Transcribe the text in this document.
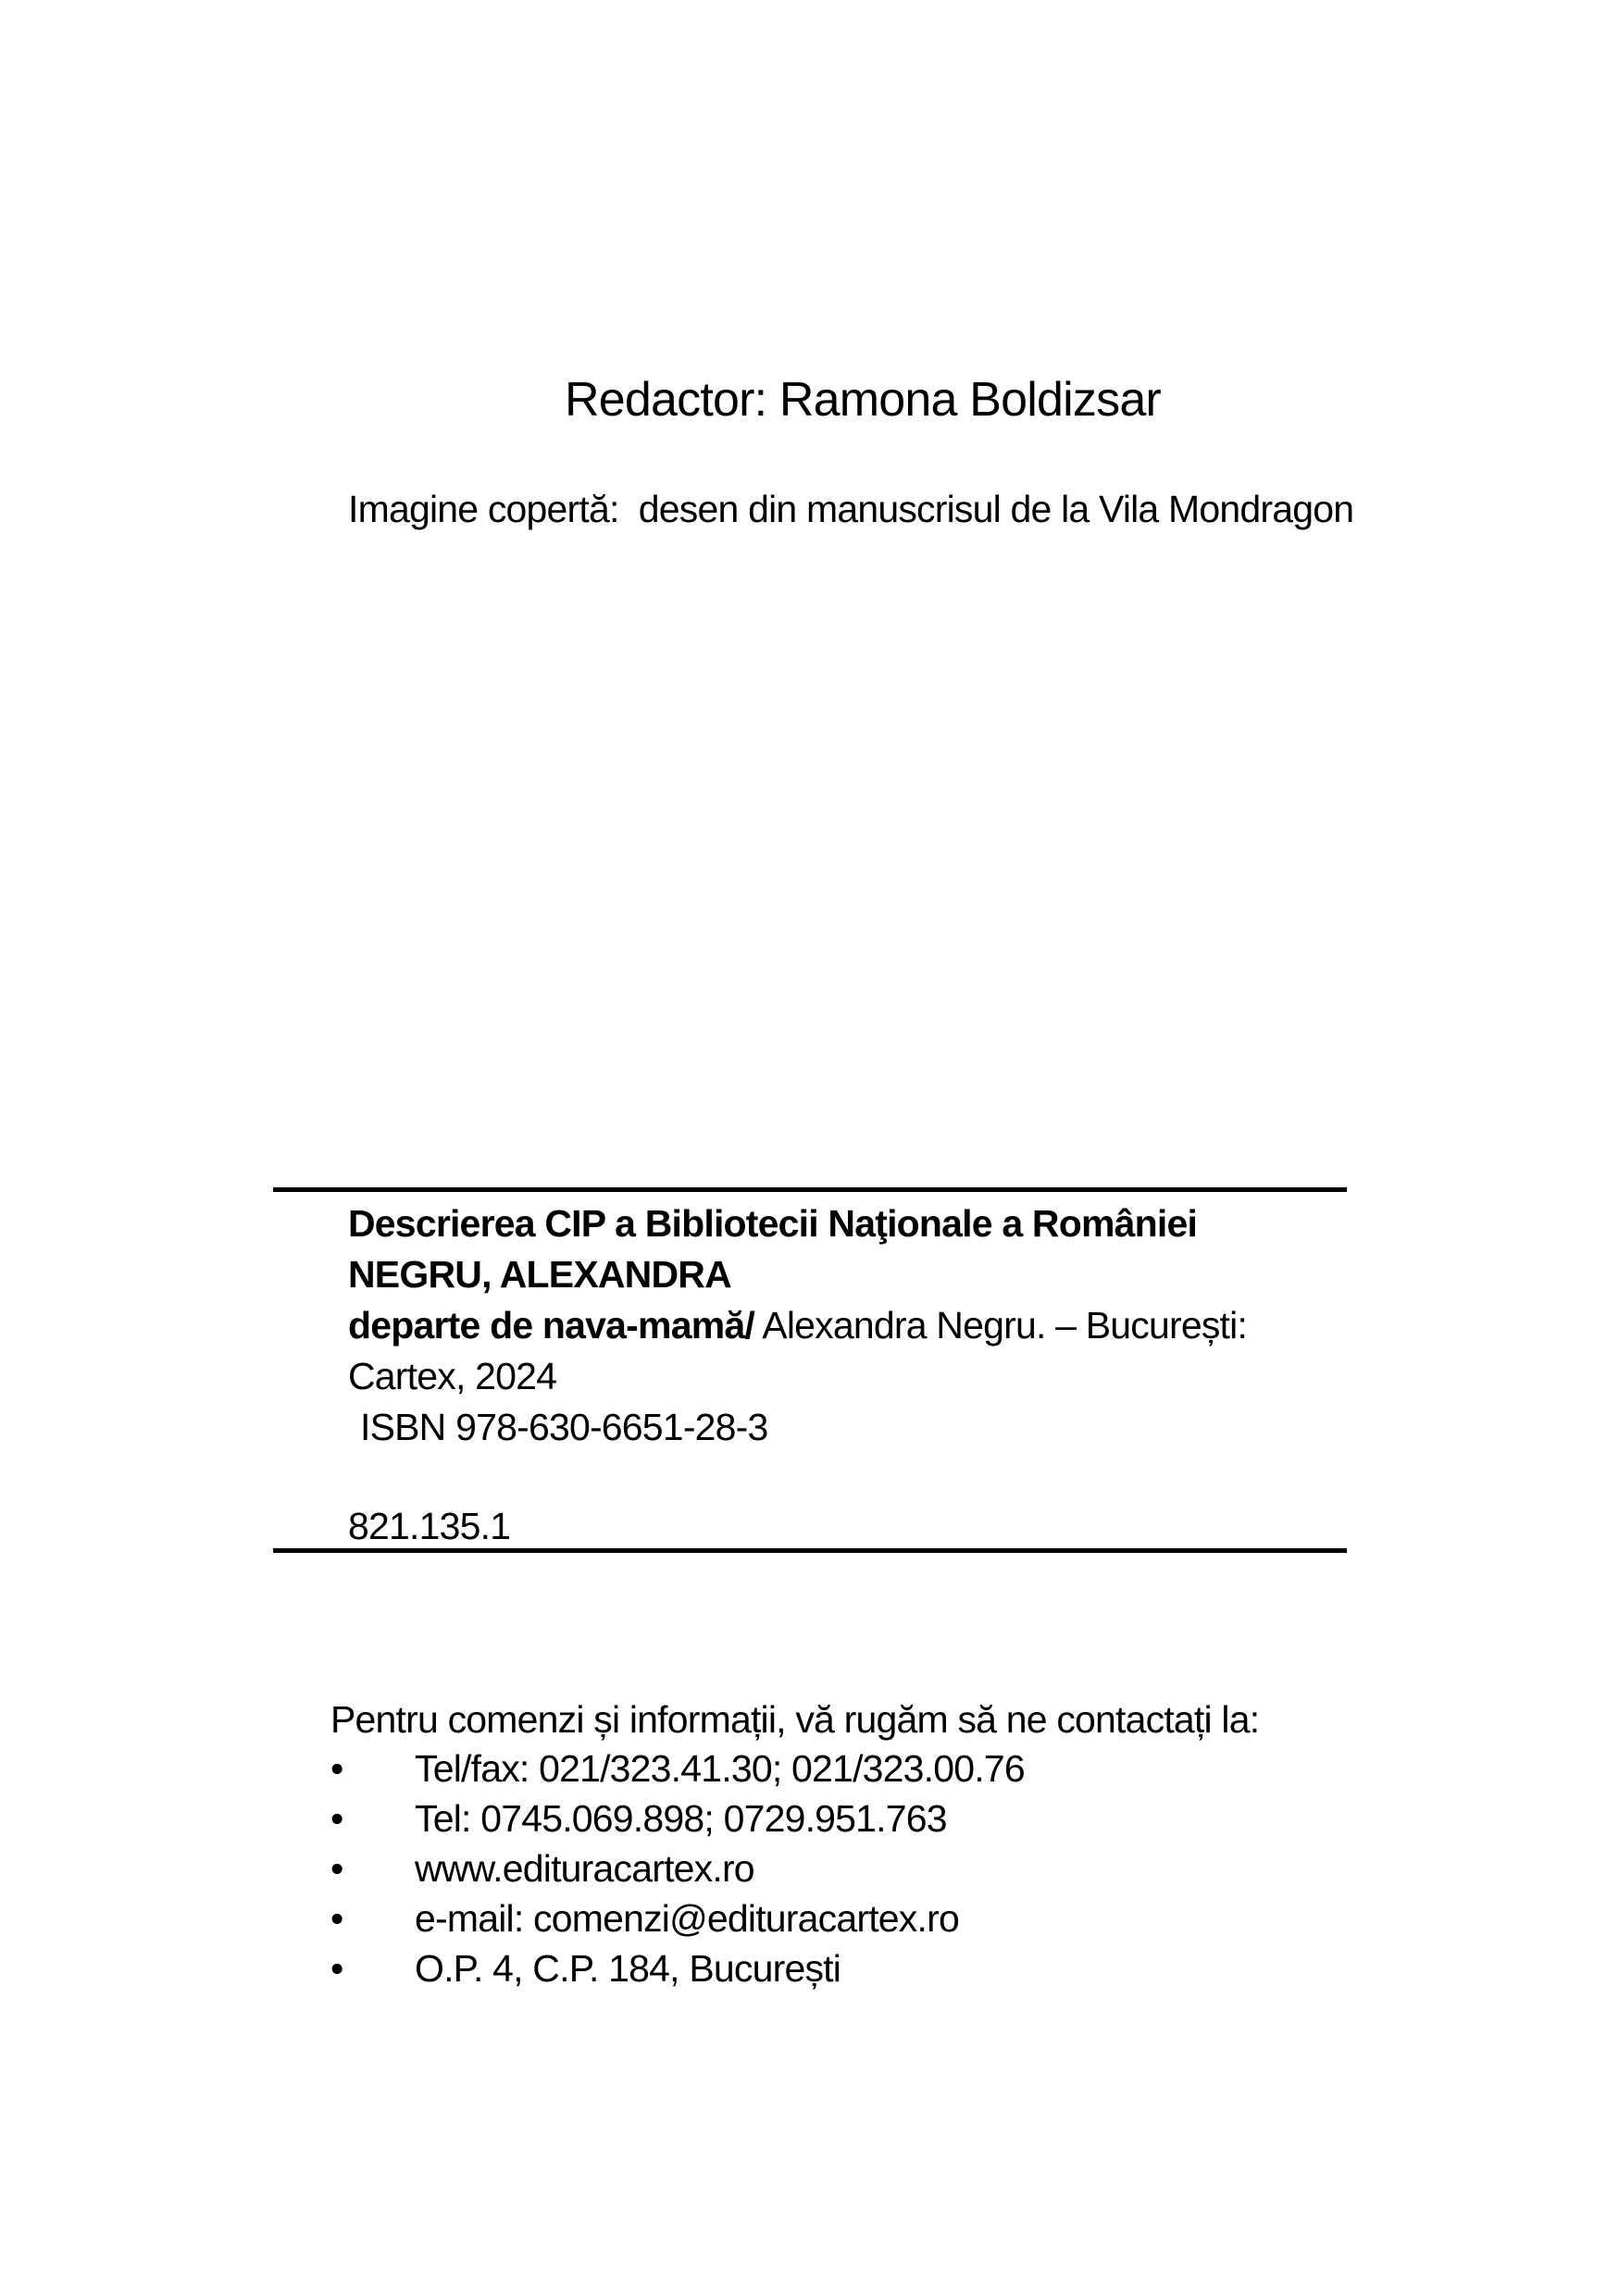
Redactor: Ramona Boldizsar

Imagine copertă:  desen din manuscrisul de la Vila Mondragon

Descrierea CIP a Bibliotecii Naţionale a României

NEGRU, ALEXANDRA

departe de nava-mamă/ Alexandra Negru. – București:

Cartex, 2024

ISBN 978-630-6651-28-3

821.135.1

Pentru comenzi și informații, vă rugăm să ne contactați la:

•	Tel/fax: 021/323.41.30; 021/323.00.76
•	Tel: 0745.069.898; 0729.951.763
•	www.edituracartex.ro
•	e-mail: comenzi@edituracartex.ro
•	O.P. 4, C.P. 184, București
